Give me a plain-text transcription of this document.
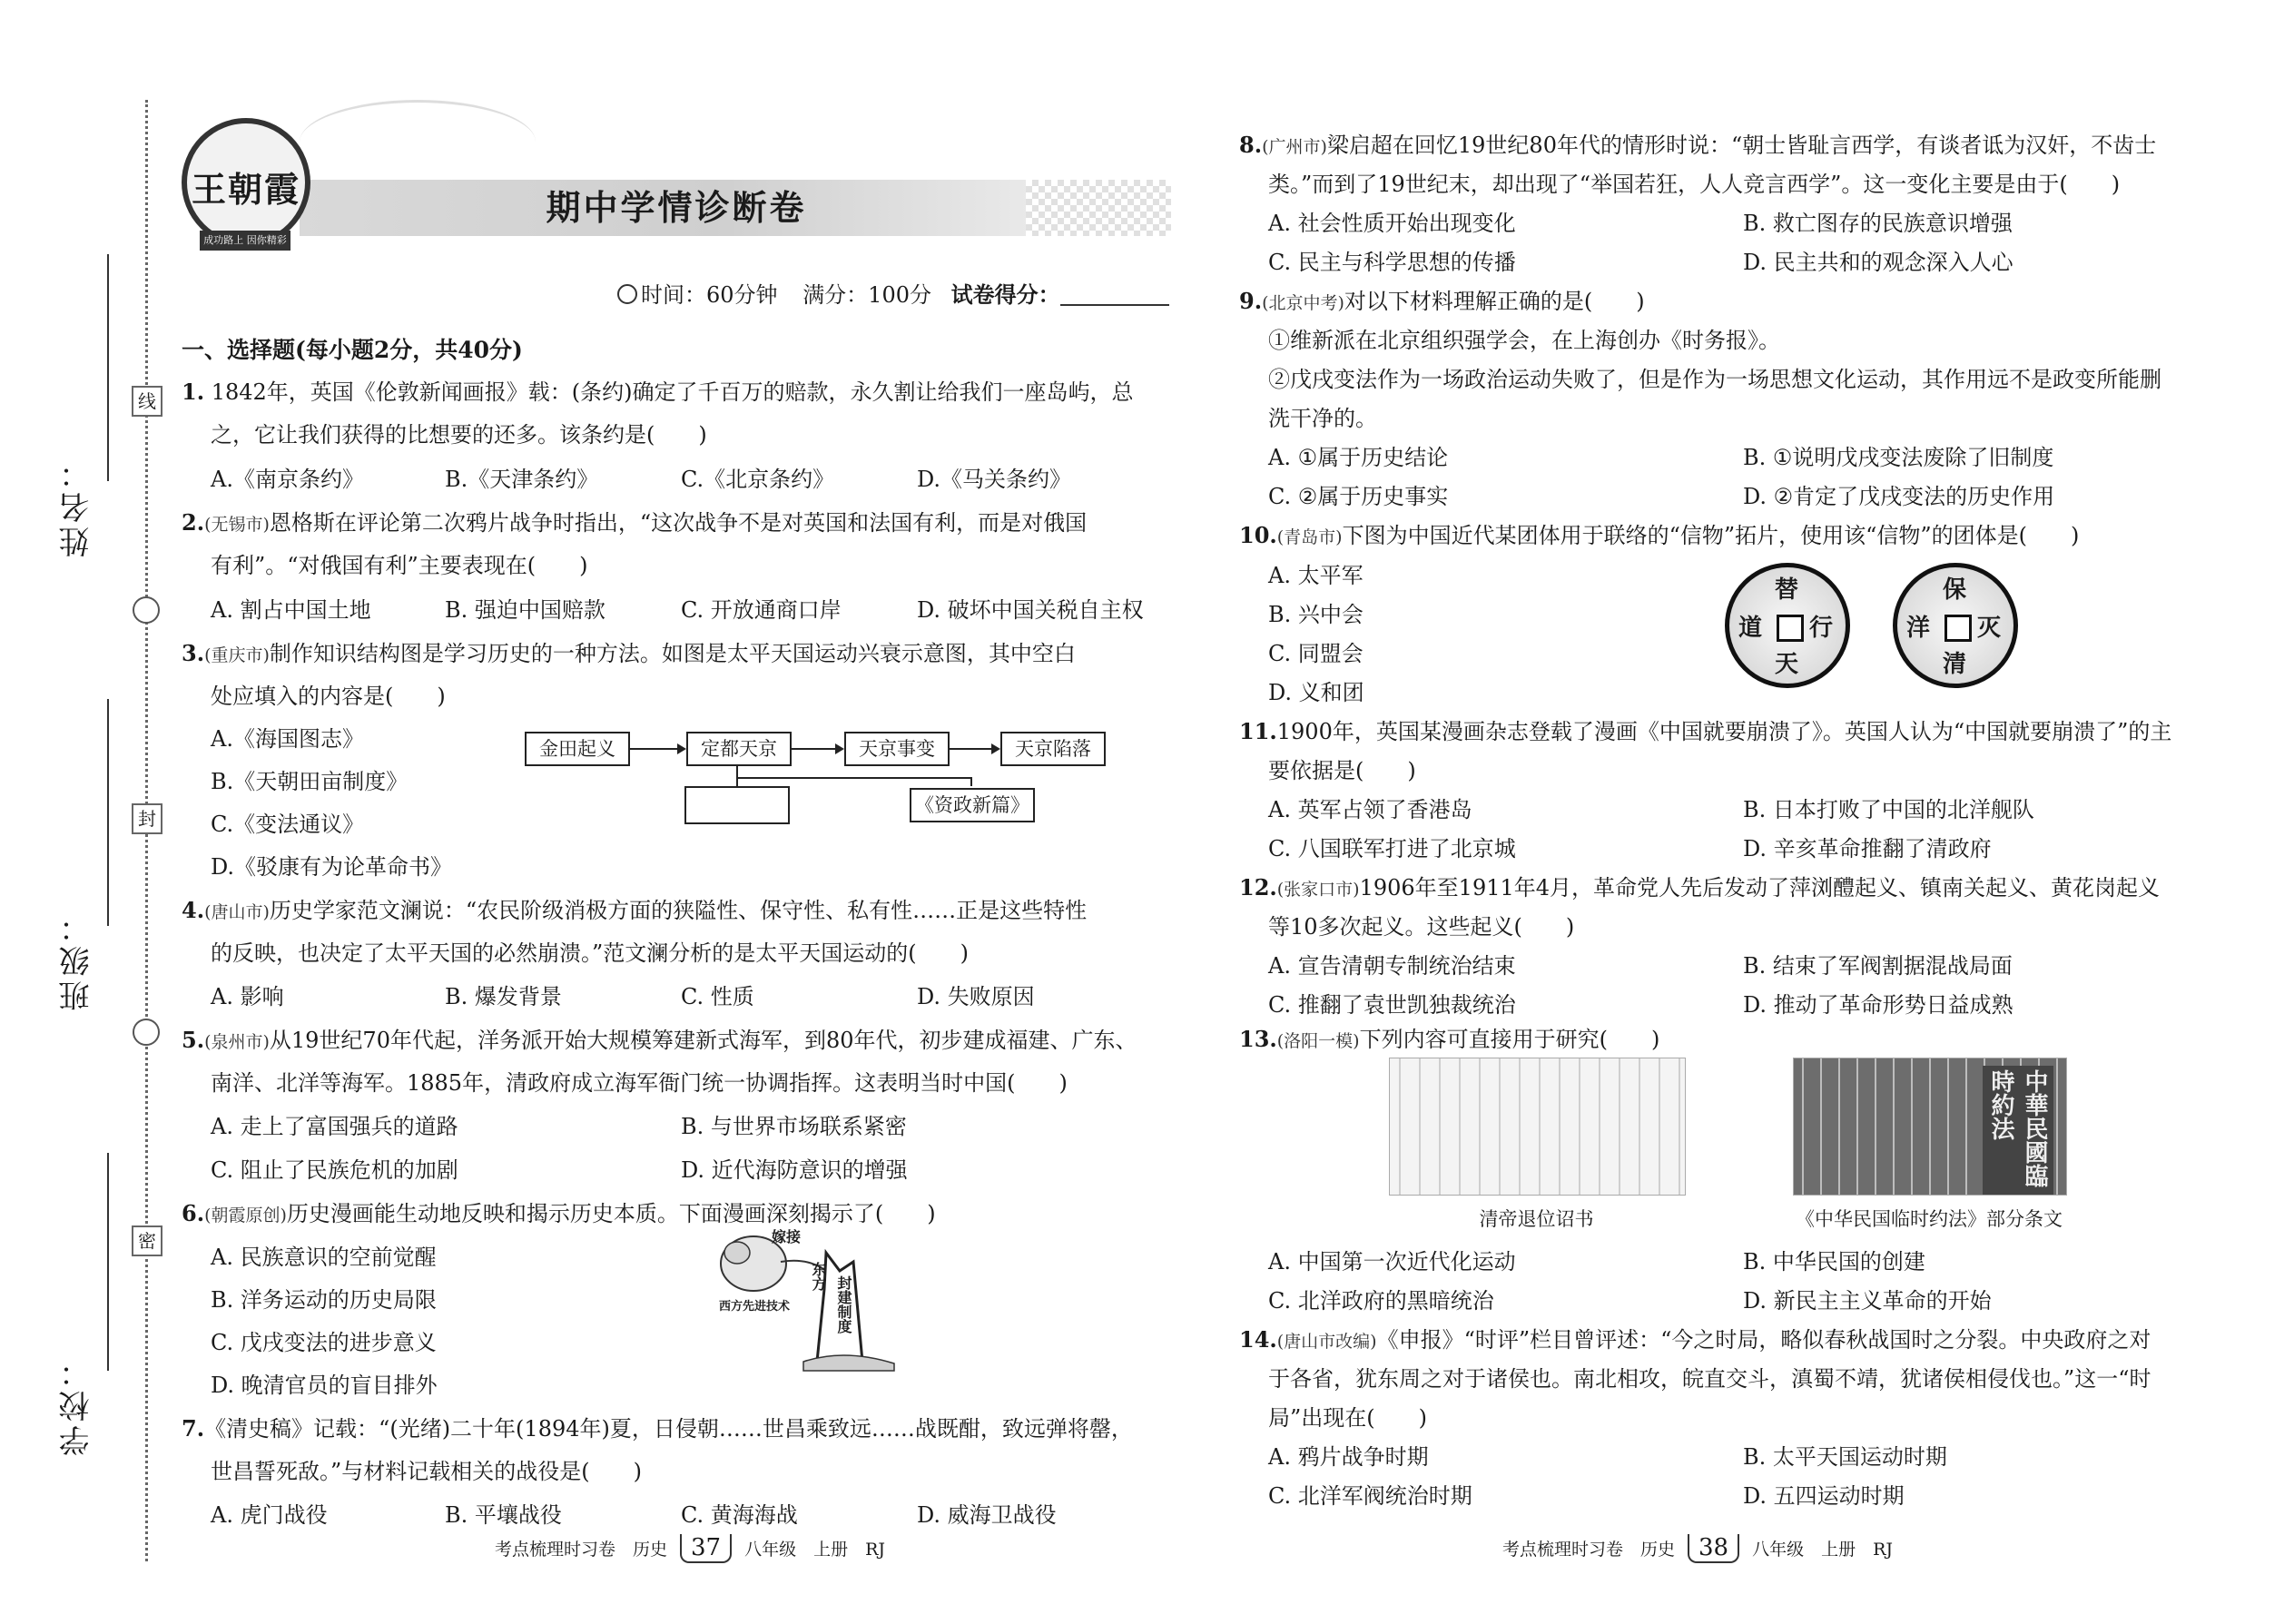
姓名：
班级：
学校：
线
封
密
王朝霞
成功路上 因你精彩
期中学情诊断卷
时间：60分钟 满分：100分 试卷得分：
一、选择题(每小题2分，共40分)
1. 1842年，英国《伦敦新闻画报》载：(条约)确定了千百万的赔款，永久割让给我们一座岛屿，总
之，它让我们获得的比想要的还多。该条约是(　　)
A.《南京条约》	B.《天津条约》	C.《北京条约》	D.《马关条约》
2.(无锡市)恩格斯在评论第二次鸦片战争时指出，“这次战争不是对英国和法国有利，而是对俄国
有利”。“对俄国有利”主要表现在(　　)
A. 割占中国土地	B. 强迫中国赔款	C. 开放通商口岸	D. 破坏中国关税自主权
3.(重庆市)制作知识结构图是学习历史的一种方法。如图是太平天国运动兴衰示意图，其中空白
处应填入的内容是(　　)
A.《海国图志》
B.《天朝田亩制度》
C.《变法通议》
D.《驳康有为论革命书》
金田起义	定都天京	天京事变	天京陷落
《资政新篇》
4.(唐山市)历史学家范文澜说：“农民阶级消极方面的狭隘性、保守性、私有性……正是这些特性
的反映，也决定了太平天国的必然崩溃。”范文澜分析的是太平天国运动的(　　)
A. 影响	B. 爆发背景	C. 性质	D. 失败原因
5.(泉州市)从19世纪70年代起，洋务派开始大规模筹建新式海军，到80年代，初步建成福建、广东、
南洋、北洋等海军。1885年，清政府成立海军衙门统一协调指挥。这表明当时中国(　　)
A. 走上了富国强兵的道路	B. 与世界市场联系紧密
C. 阻止了民族危机的加剧	D. 近代海防意识的增强
6.(朝霞原创)历史漫画能生动地反映和揭示历史本质。下面漫画深刻揭示了(　　)
A. 民族意识的空前觉醒
B. 洋务运动的历史局限
C. 戊戌变法的进步意义
D. 晚清官员的盲目排外
嫁接
东方 封建制度
西方先进技术
7.《清史稿》记载：“(光绪)二十年(1894年)夏，日侵朝……世昌乘致远……战既酣，致远弹将罄，
世昌誓死敌。”与材料记载相关的战役是(　　)
A. 虎门战役	B. 平壤战役	C. 黄海海战	D. 威海卫战役
考点梳理时习卷　历史 37 八年级　上册　RJ
8.(广州市)梁启超在回忆19世纪80年代的情形时说：“朝士皆耻言西学，有谈者诋为汉奸，不齿士
类。”而到了19世纪末，却出现了“举国若狂，人人竞言西学”。这一变化主要是由于(　　)
A. 社会性质开始出现变化	B. 救亡图存的民族意识增强
C. 民主与科学思想的传播	D. 民主共和的观念深入人心
9.(北京中考)对以下材料理解正确的是(　　)
①维新派在北京组织强学会，在上海创办《时务报》。
②戊戌变法作为一场政治运动失败了，但是作为一场思想文化运动，其作用远不是政变所能删
洗干净的。
A. ①属于历史结论	B. ①说明戊戌变法废除了旧制度
C. ②属于历史事实	D. ②肯定了戊戌变法的历史作用
10.(青岛市)下图为中国近代某团体用于联络的“信物”拓片，使用该“信物”的团体是(　　)
A. 太平军
B. 兴中会
C. 同盟会
D. 义和团
替
行
天
道
保
灭
清
洋
11.1900年，英国某漫画杂志登载了漫画《中国就要崩溃了》。英国人认为“中国就要崩溃了”的主
要依据是(　　)
A. 英军占领了香港岛	B. 日本打败了中国的北洋舰队
C. 八国联军打进了北京城	D. 辛亥革命推翻了清政府
12.(张家口市)1906年至1911年4月，革命党人先后发动了萍浏醴起义、镇南关起义、黄花岗起义
等10多次起义。这些起义(　　)
A. 宣告清朝专制统治结束	B. 结束了军阀割据混战局面
C. 推翻了袁世凯独裁统治	D. 推动了革命形势日益成熟
13.(洛阳一模)下列内容可直接用于研究(　　)
中華民國臨時約法
清帝退位诏书	《中华民国临时约法》部分条文
A. 中国第一次近代化运动	B. 中华民国的创建
C. 北洋政府的黑暗统治	D. 新民主主义革命的开始
14.(唐山市改编)《申报》“时评”栏目曾评述：“今之时局，略似春秋战国时之分裂。中央政府之对
于各省，犹东周之对于诸侯也。南北相攻，皖直交斗，滇蜀不靖，犹诸侯相侵伐也。”这一“时
局”出现在(　　)
A. 鸦片战争时期	B. 太平天国运动时期
C. 北洋军阀统治时期	D. 五四运动时期
考点梳理时习卷　历史 38 八年级　上册　RJ
